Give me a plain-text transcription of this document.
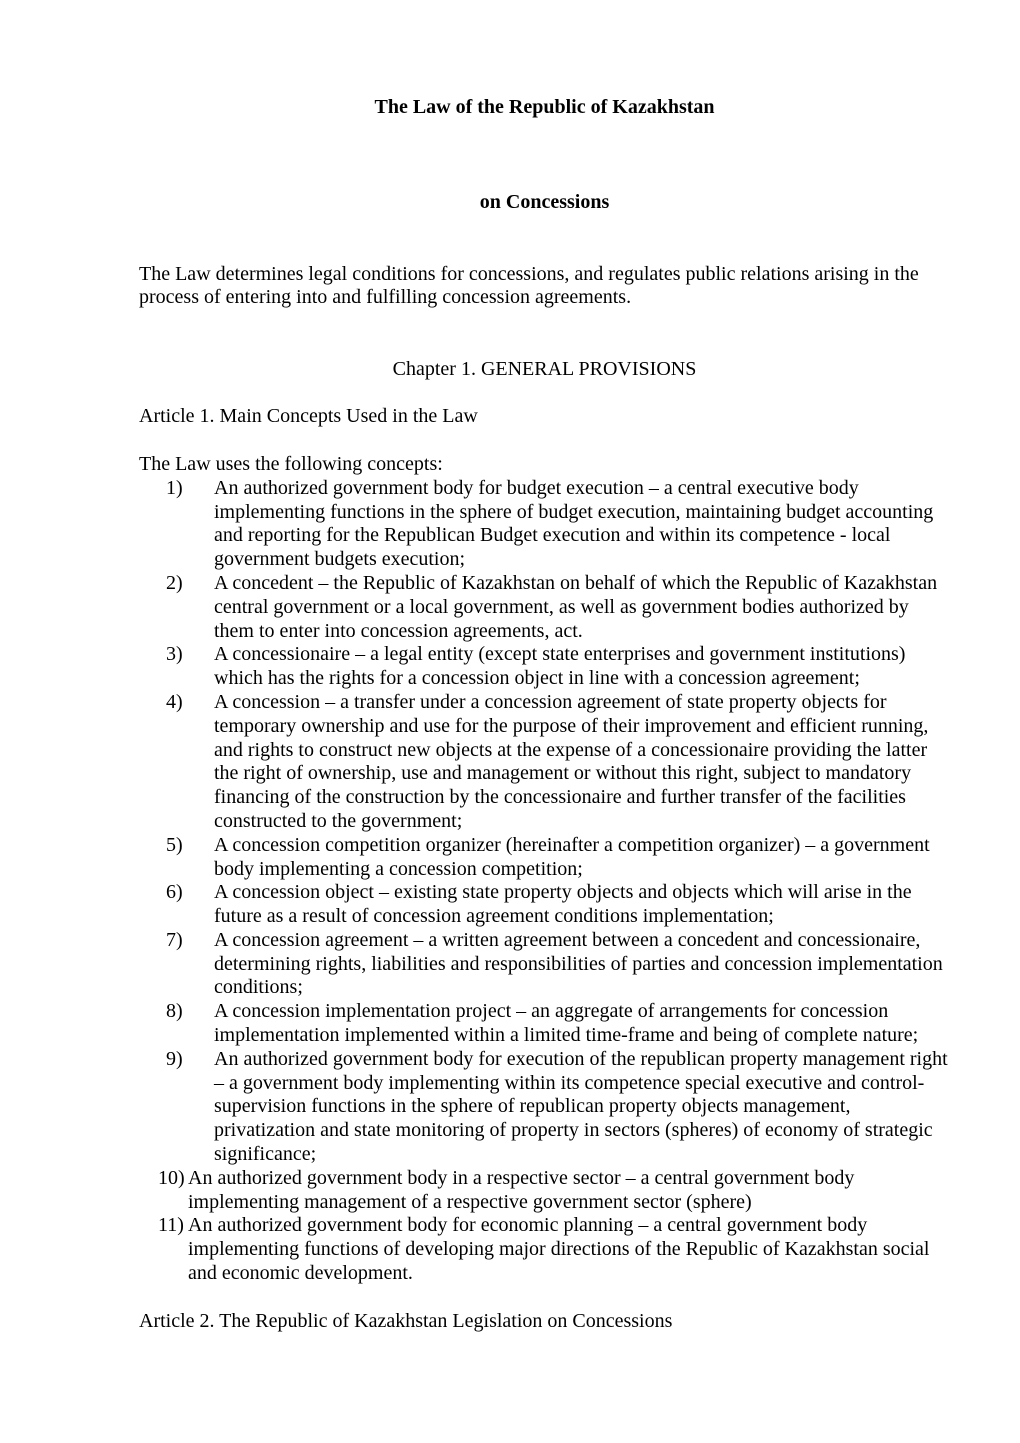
The Law of the Republic of Kazakhstan
on Concessions
The Law determines legal conditions for concessions, and regulates public relations arising in the process of entering into and fulfilling concession agreements.
Chapter 1. GENERAL PROVISIONS
Article 1. Main Concepts Used in the Law
The Law uses the following concepts:
1) An authorized government body for budget execution – a central executive body implementing functions in the sphere of budget execution, maintaining budget accounting and reporting for the Republican Budget execution and within its competence - local government budgets execution;
2) A concedent – the Republic of Kazakhstan on behalf of which the Republic of Kazakhstan central government or a local government, as well as government bodies authorized by them to enter into concession agreements, act.
3) A concessionaire – a legal entity (except state enterprises and government institutions) which has the rights for a concession object in line with a concession agreement;
4) A concession – a transfer under a concession agreement of state property objects for temporary ownership and use for the purpose of their improvement and efficient running, and rights to construct new objects at the expense of a concessionaire providing the latter the right of ownership, use and management or without this right, subject to mandatory financing of the construction by the concessionaire and further transfer of the facilities constructed to the government;
5) A concession competition organizer (hereinafter a competition organizer) – a government body implementing a concession competition;
6) A concession object – existing state property objects and objects which will arise in the future as a result of concession agreement conditions implementation;
7) A concession agreement – a written agreement between a concedent and concessionaire, determining rights, liabilities and responsibilities of parties and concession implementation conditions;
8) A concession implementation project – an aggregate of arrangements for concession implementation implemented within a limited time-frame and being of complete nature;
9) An authorized government body for execution of the republican property management right – a government body implementing within its competence special executive and control-supervision functions in the sphere of republican property objects management, privatization and state monitoring of property in sectors (spheres) of economy of strategic significance;
10) An authorized government body in a respective sector – a central government body implementing management of a respective government sector (sphere)
11) An authorized government body for economic planning – a central government body implementing functions of developing major directions of the Republic of Kazakhstan social and economic development.
Article 2. The Republic of Kazakhstan Legislation on Concessions
